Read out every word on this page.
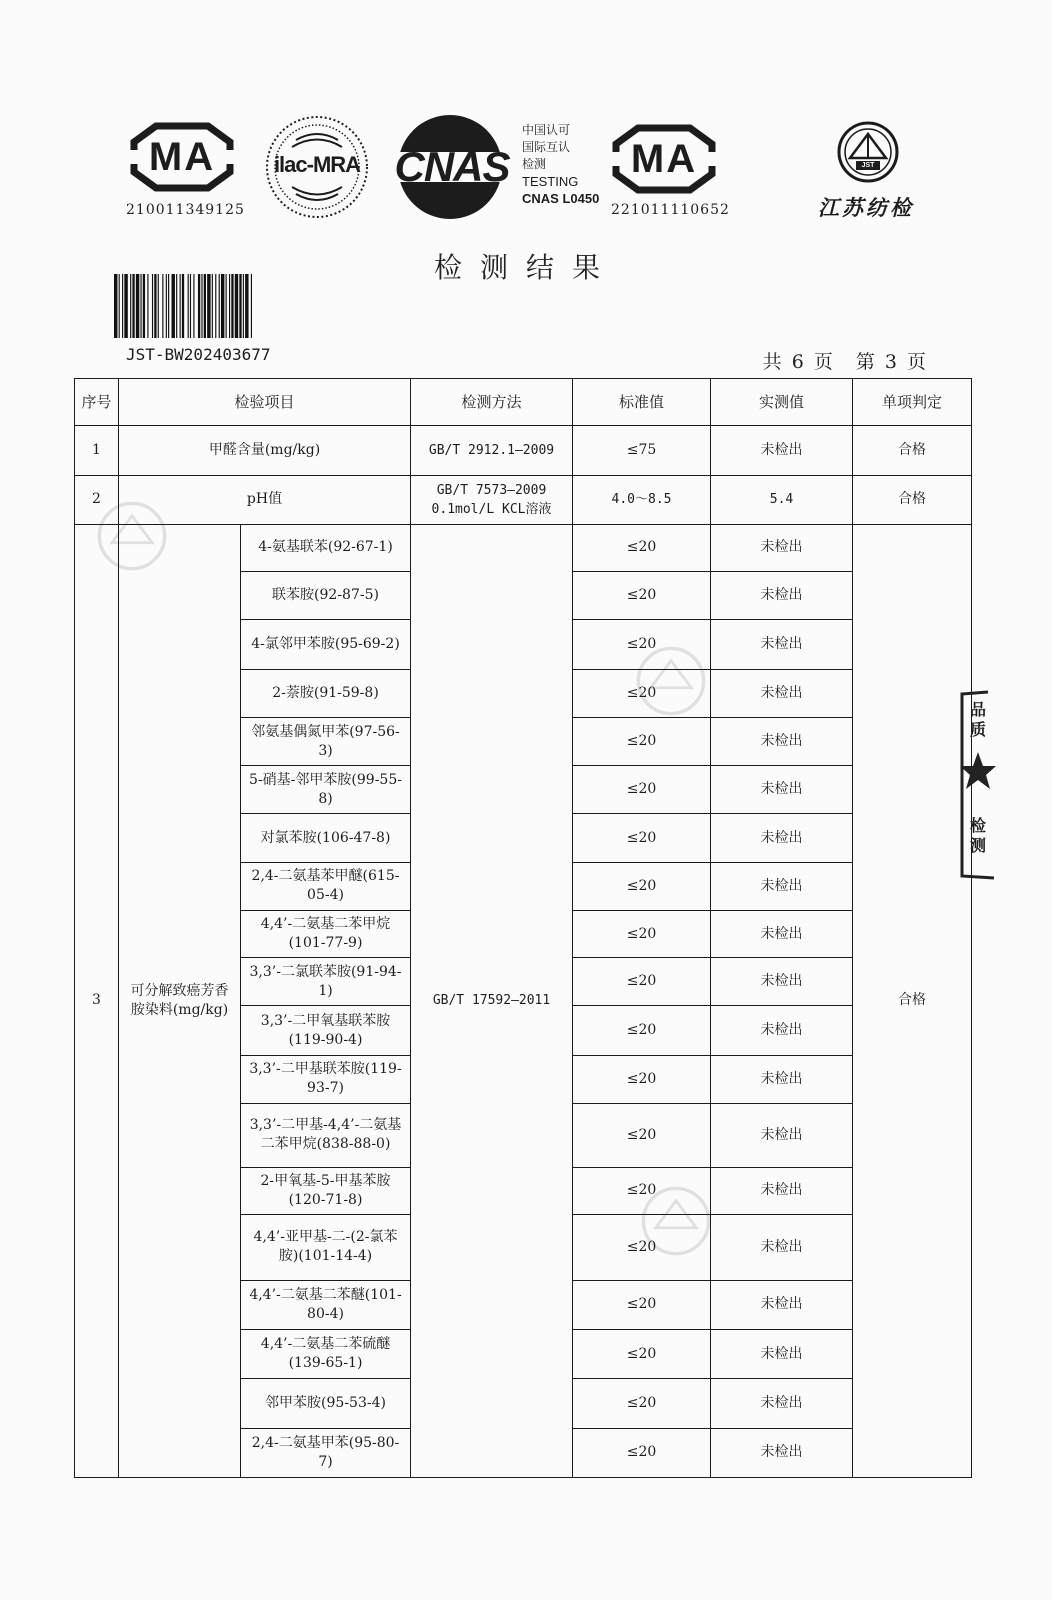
MA
210011349125
ilac-MRA CNAS
中国认可
国际互认
检测
TESTING
CNAS L0450
MA
221011110652
JST
江苏纺检
检测结果
JST-BW202403677	共 6 页　第 3 页
序号	检验项目		检测方法	标准值	实测值	单项判定
1	甲醛含量(mg/kg)		GB/T 2912.1—2009	≤75	未检出	合格
2	pH值		GB/T 7573—2009
0.1mol/L KCL溶液	4.0～8.5	5.4	合格
3	可分解致癌芳香胺染料(mg/kg)	4-氨基联苯(92-67-1)	GB/T 17592—2011	≤20	未检出	合格
		联苯胺(92-87-5)		≤20	未检出	
		4-氯邻甲苯胺(95-69-2)		≤20	未检出	
		2-萘胺(91-59-8)		≤20	未检出	
		邻氨基偶氮甲苯(97-56-3)		≤20	未检出	
		5-硝基-邻甲苯胺(99-55-8)		≤20	未检出	
		对氯苯胺(106-47-8)		≤20	未检出	
		2,4-二氨基苯甲醚(615-05-4)		≤20	未检出	
		4,4’-二氨基二苯甲烷(101-77-9)		≤20	未检出	
		3,3’-二氯联苯胺(91-94-1)		≤20	未检出	
		3,3’-二甲氧基联苯胺(119-90-4)		≤20	未检出	
		3,3’-二甲基联苯胺(119-93-7)		≤20	未检出	
		3,3’-二甲基-4,4’-二氨基二苯甲烷(838-88-0)		≤20	未检出	
		2-甲氧基-5-甲基苯胺(120-71-8)		≤20	未检出	
		4,4’-亚甲基-二-(2-氯苯胺)(101-14-4)		≤20	未检出	
		4,4’-二氨基二苯醚(101-80-4)		≤20	未检出	
		4,4’-二氨基二苯硫醚(139-65-1)		≤20	未检出	
		邻甲苯胺(95-53-4)		≤20	未检出	
		2,4-二氨基甲苯(95-80-7)		≤20	未检出	
品质
检测
